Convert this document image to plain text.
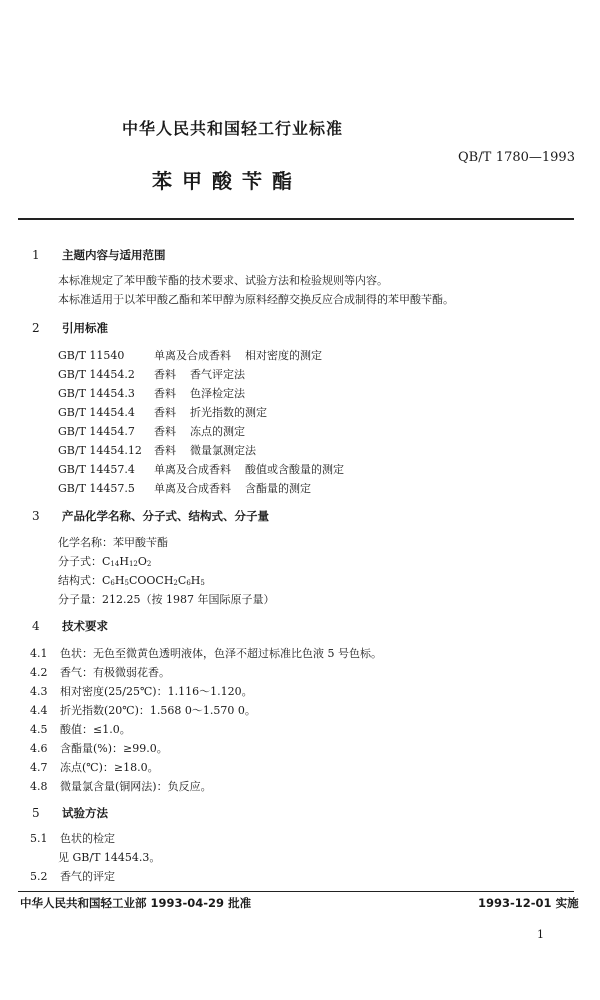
中华人民共和国轻工行业标准
QB/T 1780—1993
苯甲酸苄酯
1 主题内容与适用范围
本标准规定了苯甲酸苄酯的技术要求、试验方法和检验规则等内容。
本标准适用于以苯甲酸乙酯和苯甲醇为原料经醇交换反应合成制得的苯甲酸苄酯。
2 引用标准
GB/T 11540	单离及合成香料 相对密度的测定
GB/T 14454.2 香料 香气评定法
GB/T 14454.3 香料 色泽检定法
GB/T 14454.4 香料 折光指数的测定
GB/T 14454.7 香料 冻点的测定
GB/T 14454.12 香料 微量氯测定法
GB/T 14457.4 单离及合成香料 酸值或含酸量的测定
GB/T 14457.5 单离及合成香料 含酯量的测定
3 产品化学名称、分子式、结构式、分子量
化学名称：苯甲酸苄酯
分子式：$C_{14}H_{12}O_2$
结构式：$C_6H_5COOCH_2C_6H_5$
分子量：212.25（按 1987 年国际原子量）
4 技术要求
4.1 色状：无色至微黄色透明液体，色泽不超过标准比色液 5 号色标。
4.2 香气：有极微弱花香。
4.3 相对密度(25/25℃)：1.116～1.120。
4.4 折光指数(20℃)：1.568 0～1.570 0。
4.5 酸值：≤1.0。
4.6 含酯量(%)：≥99.0。
4.7 冻点(℃)：≥18.0。
4.8 微量氯含量(铜网法)：负反应。
5 试验方法
5.1 色状的检定
见 GB/T 14454.3。
5.2 香气的评定
中华人民共和国轻工业部 1993-04-29 批准	1993-12-01 实施
1
